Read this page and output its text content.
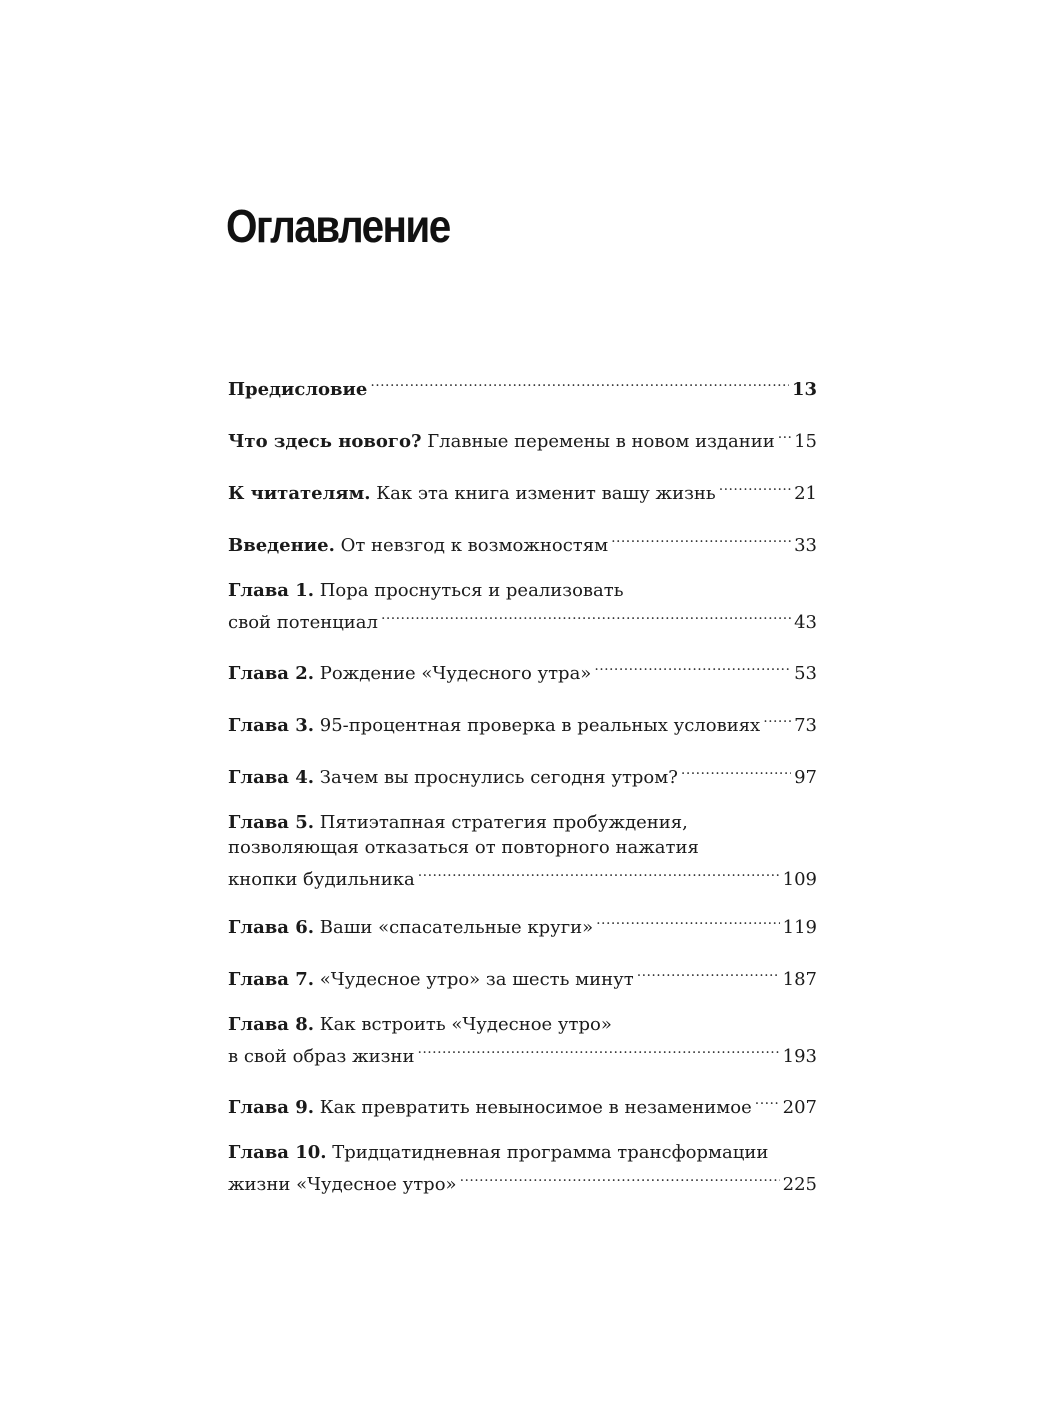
Оглавление
Предисловие . . .	13
Что здесь нового? Главные перемены в новом издании . . . 15
К читателям. Как эта книга изменит вашу жизнь . . .	21
Введение. От невзгод к возможностям . . .	33
Глава 1. Пора проснуться и реализовать
свой потенциал . . .	43
Глава 2. Рождение «Чудесного утра» . . .	53
Глава 3. 95-процентная проверка в реальных условиях . . . 73
Глава 4. Зачем вы проснулись сегодня утром? . . .	97
Глава 5. Пятиэтапная стратегия пробуждения,
позволяющая отказаться от повторного нажатия
кнопки будильника . . .	109
Глава 6. Ваши «спасательные круги» . . .	119
Глава 7. «Чудесное утро» за шесть минут . . .	187
Глава 8. Как встроить «Чудесное утро»
в свой образ жизни . . .	193
Глава 9. Как превратить невыносимое в незаменимое . . . 207
Глава 10. Тридцатидневная программа трансформации
жизни «Чудесное утро» . . .	225
